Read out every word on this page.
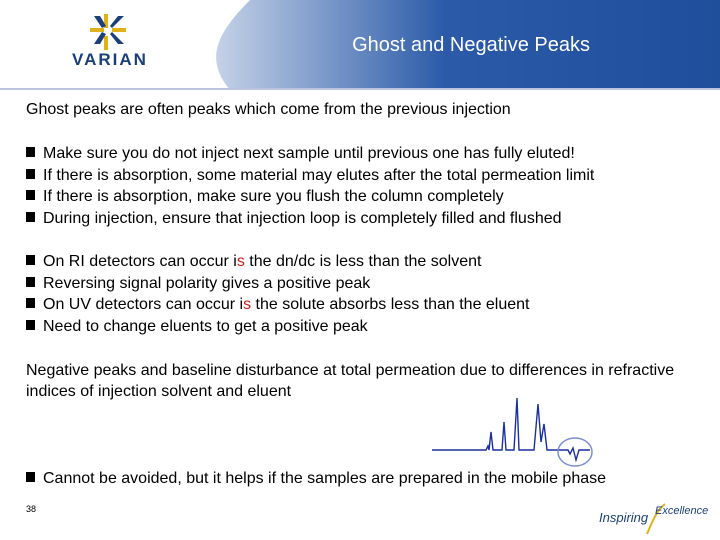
VARIAN
Ghost and Negative Peaks
Ghost peaks are often peaks which come from the previous injection
Make sure you do not inject next sample until previous one has fully eluted!
If there is absorption, some material may elutes after the total permeation limit
If there is absorption, make sure you flush the column completely
During injection, ensure that injection loop is completely filled and flushed
On RI detectors can occur is the dn/dc is less than the solvent
Reversing signal polarity gives a positive peak
On UV detectors can occur is the solute absorbs less than the eluent
Need to change eluents to get a positive peak
Negative peaks and baseline disturbance at total permeation due to differences in refractive indices of injection solvent and eluent
Cannot be avoided, but it helps if the samples are prepared in the mobile phase
38
Inspiring Excellence
